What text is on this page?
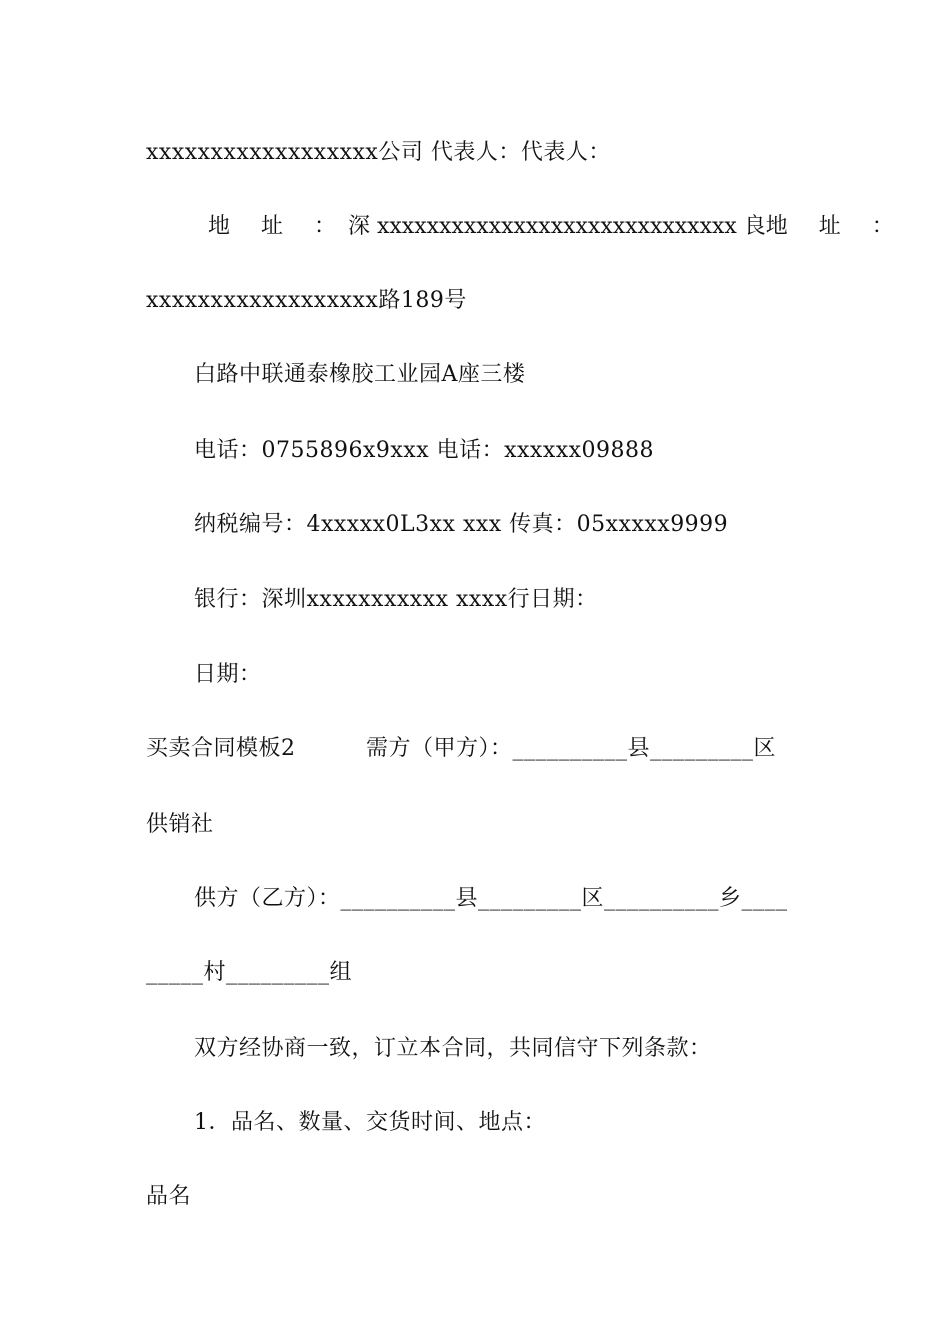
xxxxxxxxxxxxxxxxxx公司 代表人：代表人：
地 址 ： 深 xxxxxxxxxxxxxxxxxxxxxxxxxxxxx 良 地 址 ：
xxxxxxxxxxxxxxxxxx路189号
白路中联通泰橡胶工业园A座三楼
电话：0755896x9xxx 电话：xxxxxx09888
纳税编号：4xxxxx0L3xx xxx 传真：05xxxxx9999
银行：深圳xxxxxxxxxxx xxxx行日期：
日期：
买卖合同模板2	需方（甲方）：__________县_________区
供销社
供方（乙方）：__________县_________区__________乡____
_____村_________组
双方经协商一致，订立本合同，共同信守下列条款：
1．品名、数量、交货时间、地点：
品名
